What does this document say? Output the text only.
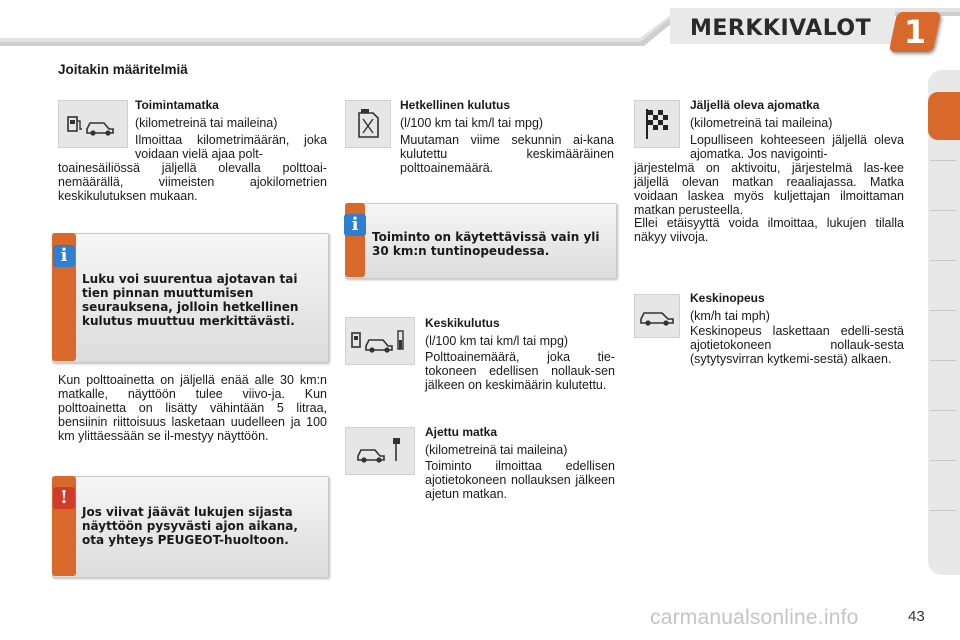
MERKKIVALOT	1
Joitakin määritelmiä
Toimintamatka
(kilometreinä tai maileina)
Ilmoittaa kilometrimäärän, joka voidaan vielä ajaa polt-
toainesäiliössä jäljellä olevalla polttoai-nemäärällä, viimeisten ajokilometrien keskikulutuksen mukaan.
i
Luku voi suurentua ajotavan tai tien pinnan muuttumisen seurauksena, jolloin hetkellinen kulutus muuttuu merkittävästi.
Kun polttoainetta on jäljellä enää alle 30 km:n matkalle, näyttöön tulee viivo-ja. Kun polttoainetta on lisätty vähintään 5 litraa, bensiinin riittoisuus lasketaan uudelleen ja 100 km ylittäessään se il-mestyy näyttöön.
!
Jos viivat jäävät lukujen sijasta näyttöön pysyvästi ajon aikana, ota yhteys PEUGEOT-huoltoon.
Hetkellinen kulutus
(l/100 km tai km/l tai mpg)
Muutaman viime sekunnin ai-kana kulutettu keskimääräinen polttoainemäärä.
i
Toiminto on käytettävissä vain yli 30 km:n tuntinopeudessa.
Keskikulutus
(l/100 km tai km/l tai mpg)
Polttoainemäärä, joka tie-tokoneen edellisen nollauk-sen jälkeen on keskimäärin kulutettu.
Ajettu matka
(kilometreinä tai maileina)
Toiminto ilmoittaa edellisen ajotietokoneen nollauksen jälkeen ajetun matkan.
Jäljellä oleva ajomatka
(kilometreinä tai maileina)
Lopulliseen kohteeseen jäljellä oleva ajomatka. Jos navigointi-
järjestelmä on aktivoitu, järjestelmä las-kee jäljellä olevan matkan reaaliajassa. Matka voidaan laskea myös kuljettajan ilmoittaman matkan perusteella.
Ellei etäisyyttä voida ilmoittaa, lukujen tilalla näkyy viivoja.
Keskinopeus
(km/h tai mph)
Keskinopeus laskettaan edelli-sestä ajotietokoneen nollauk-sesta (sytytysvirran kytkemi-sestä) alkaen.
carmanualsonline.info	43
